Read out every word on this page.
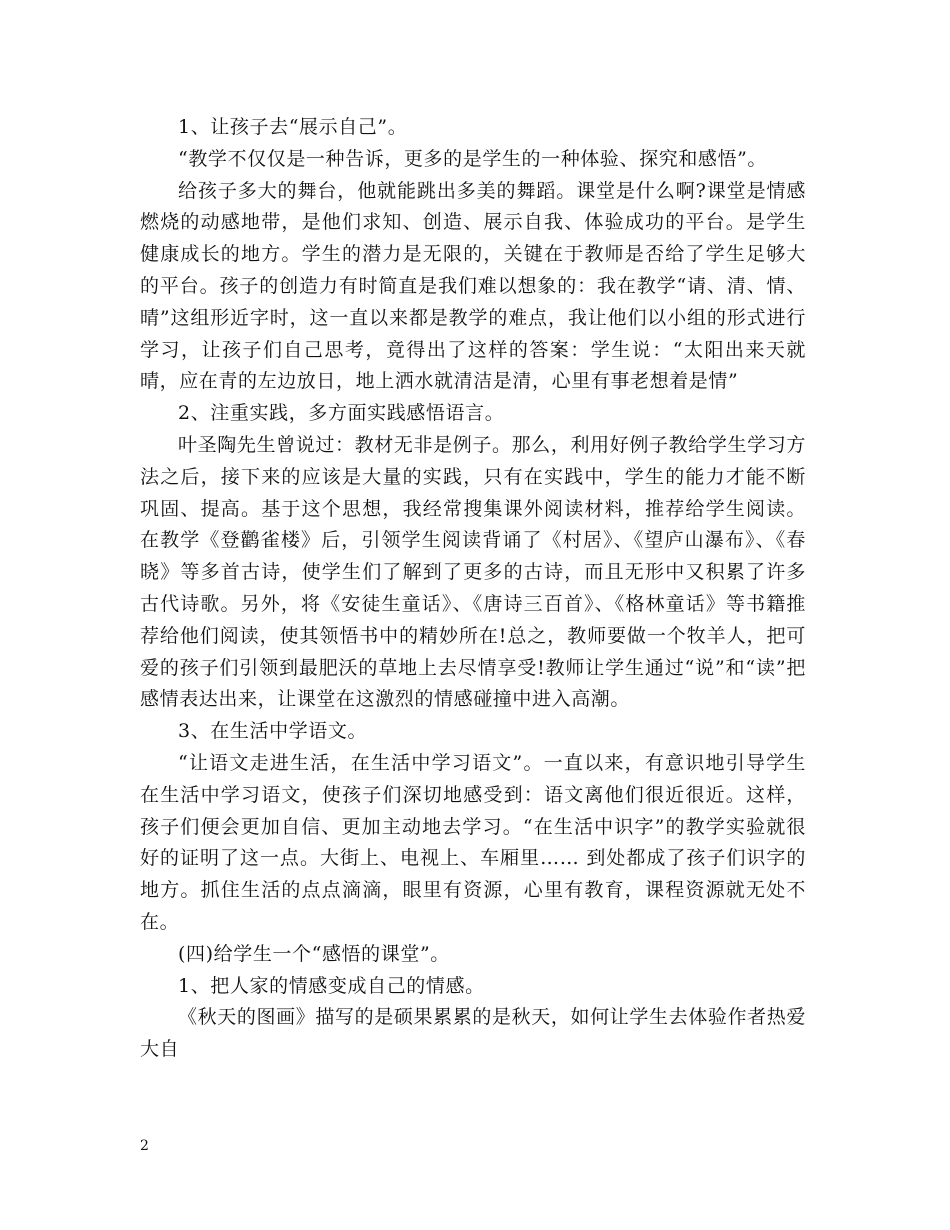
1、让孩子去“展示自己”。

“教学不仅仅是一种告诉，更多的是学生的一种体验、探究和感悟”。

给孩子多大的舞台，他就能跳出多美的舞蹈。课堂是什么啊?课堂是情感燃烧的动感地带，是他们求知、创造、展示自我、体验成功的平台。是学生健康成长的地方。学生的潜力是无限的，关键在于教师是否给了学生足够大的平台。孩子的创造力有时简直是我们难以想象的：我在教学“请、清、情、晴”这组形近字时，这一直以来都是教学的难点，我让他们以小组的形式进行学习，让孩子们自己思考，竟得出了这样的答案：学生说：“太阳出来天就晴，应在青的左边放日，地上洒水就清洁是清，心里有事老想着是情”

2、注重实践，多方面实践感悟语言。

叶圣陶先生曾说过：教材无非是例子。那么，利用好例子教给学生学习方法之后，接下来的应该是大量的实践，只有在实践中，学生的能力才能不断巩固、提高。基于这个思想，我经常搜集课外阅读材料，推荐给学生阅读。在教学《登鹳雀楼》后，引领学生阅读背诵了《村居》、《望庐山瀑布》、《春晓》等多首古诗，使学生们了解到了更多的古诗，而且无形中又积累了许多古代诗歌。另外，将《安徒生童话》、《唐诗三百首》、《格林童话》等书籍推荐给他们阅读，使其领悟书中的精妙所在!总之，教师要做一个牧羊人，把可爱的孩子们引领到最肥沃的草地上去尽情享受!教师让学生通过“说”和“读”把感情表达出来，让课堂在这激烈的情感碰撞中进入高潮。

3、在生活中学语文。

“让语文走进生活，在生活中学习语文”。一直以来，有意识地引导学生在生活中学习语文，使孩子们深切地感受到：语文离他们很近很近。这样，孩子们便会更加自信、更加主动地去学习。“在生活中识字”的教学实验就很好的证明了这一点。大街上、电视上、车厢里…… 到处都成了孩子们识字的地方。抓住生活的点点滴滴，眼里有资源，心里有教育，课程资源就无处不在。

(四)给学生一个“感悟的课堂”。

1、把人家的情感变成自己的情感。

《秋天的图画》描写的是硕果累累的是秋天，如何让学生去体验作者热爱大自

2
